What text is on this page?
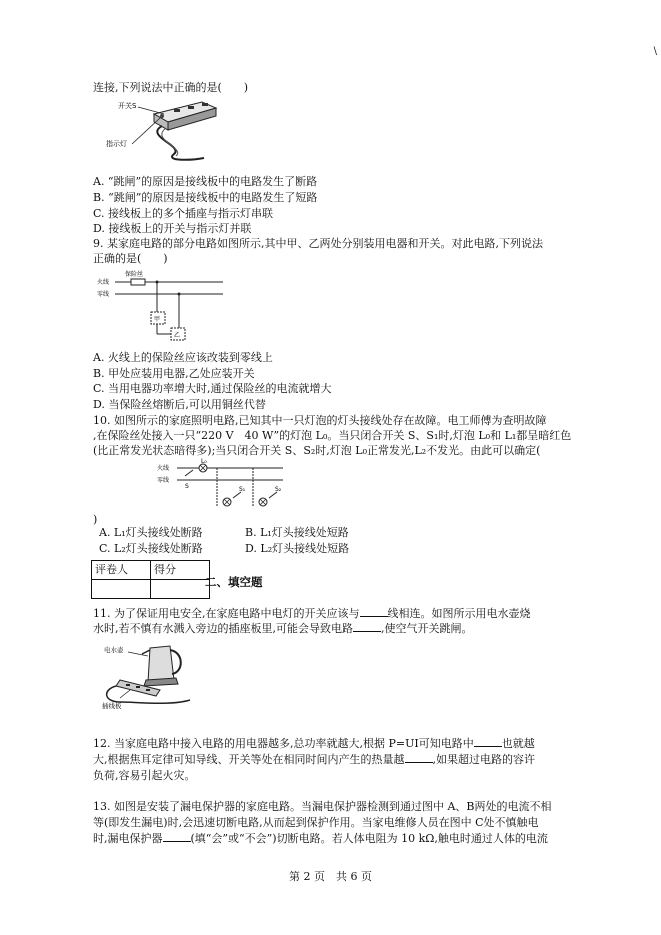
\
连接,下列说法中正确的是(　　)
开关S
指示灯
A. “跳闸”的原因是接线板中的电路发生了断路
B. “跳闸”的原因是接线板中的电路发生了短路
C. 接线板上的多个插座与指示灯串联
D. 接线板上的开关与指示灯并联
9. 某家庭电路的部分电路如图所示,其中甲、乙两处分别装用电器和开关。对此电路,下列说法
正确的是(　　)
保险丝
火线
零线
甲
乙
A. 火线上的保险丝应该改装到零线上
B. 甲处应装用电器,乙处应装开关
C. 当用电器功率增大时,通过保险丝的电流就增大
D. 当保险丝熔断后,可以用铜丝代替
10. 如图所示的家庭照明电路,已知其中一只灯泡的灯头接线处存在故障。电工师傅为查明故障
,在保险丝处接入一只“220 V　40 W”的灯泡 L₀。当只闭合开关 S、S₁时,灯泡 L₀和 L₁都呈暗红色
(比正常发光状态暗得多);当只闭合开关 S、S₂时,灯泡 L₀正常发光,L₂不发光。由此可以确定(
火线
零线
L₀
S	S₁	S₂
)
A. L₁灯头接线处断路	B. L₁灯头接线处短路
C. L₂灯头接线处断路	D. L₂灯头接线处短路
评卷人	得分

二、填空题
11. 为了保证用电安全,在家庭电路中电灯的开关应该与	线相连。如图所示用电水壶烧
水时,若不慎有水溅入旁边的插座板里,可能会导致电路	,使空气开关跳闸。
电水壶
插线板
12. 当家庭电路中接入电路的用电器越多,总功率就越大,根据 P=UI可知电路中	也就越
大,根据焦耳定律可知导线、开关等处在相同时间内产生的热量越	,如果超过电路的容许
负荷,容易引起火灾。
13. 如图是安装了漏电保护器的家庭电路。当漏电保护器检测到通过图中 A、B两处的电流不相
等(即发生漏电)时,会迅速切断电路,从而起到保护作用。当家电维修人员在图中 C处不慎触电
时,漏电保护器	(填“会”或“不会”)切断电路。若人体电阻为 10 kΩ,触电时通过人体的电流
第 2 页　共 6 页
